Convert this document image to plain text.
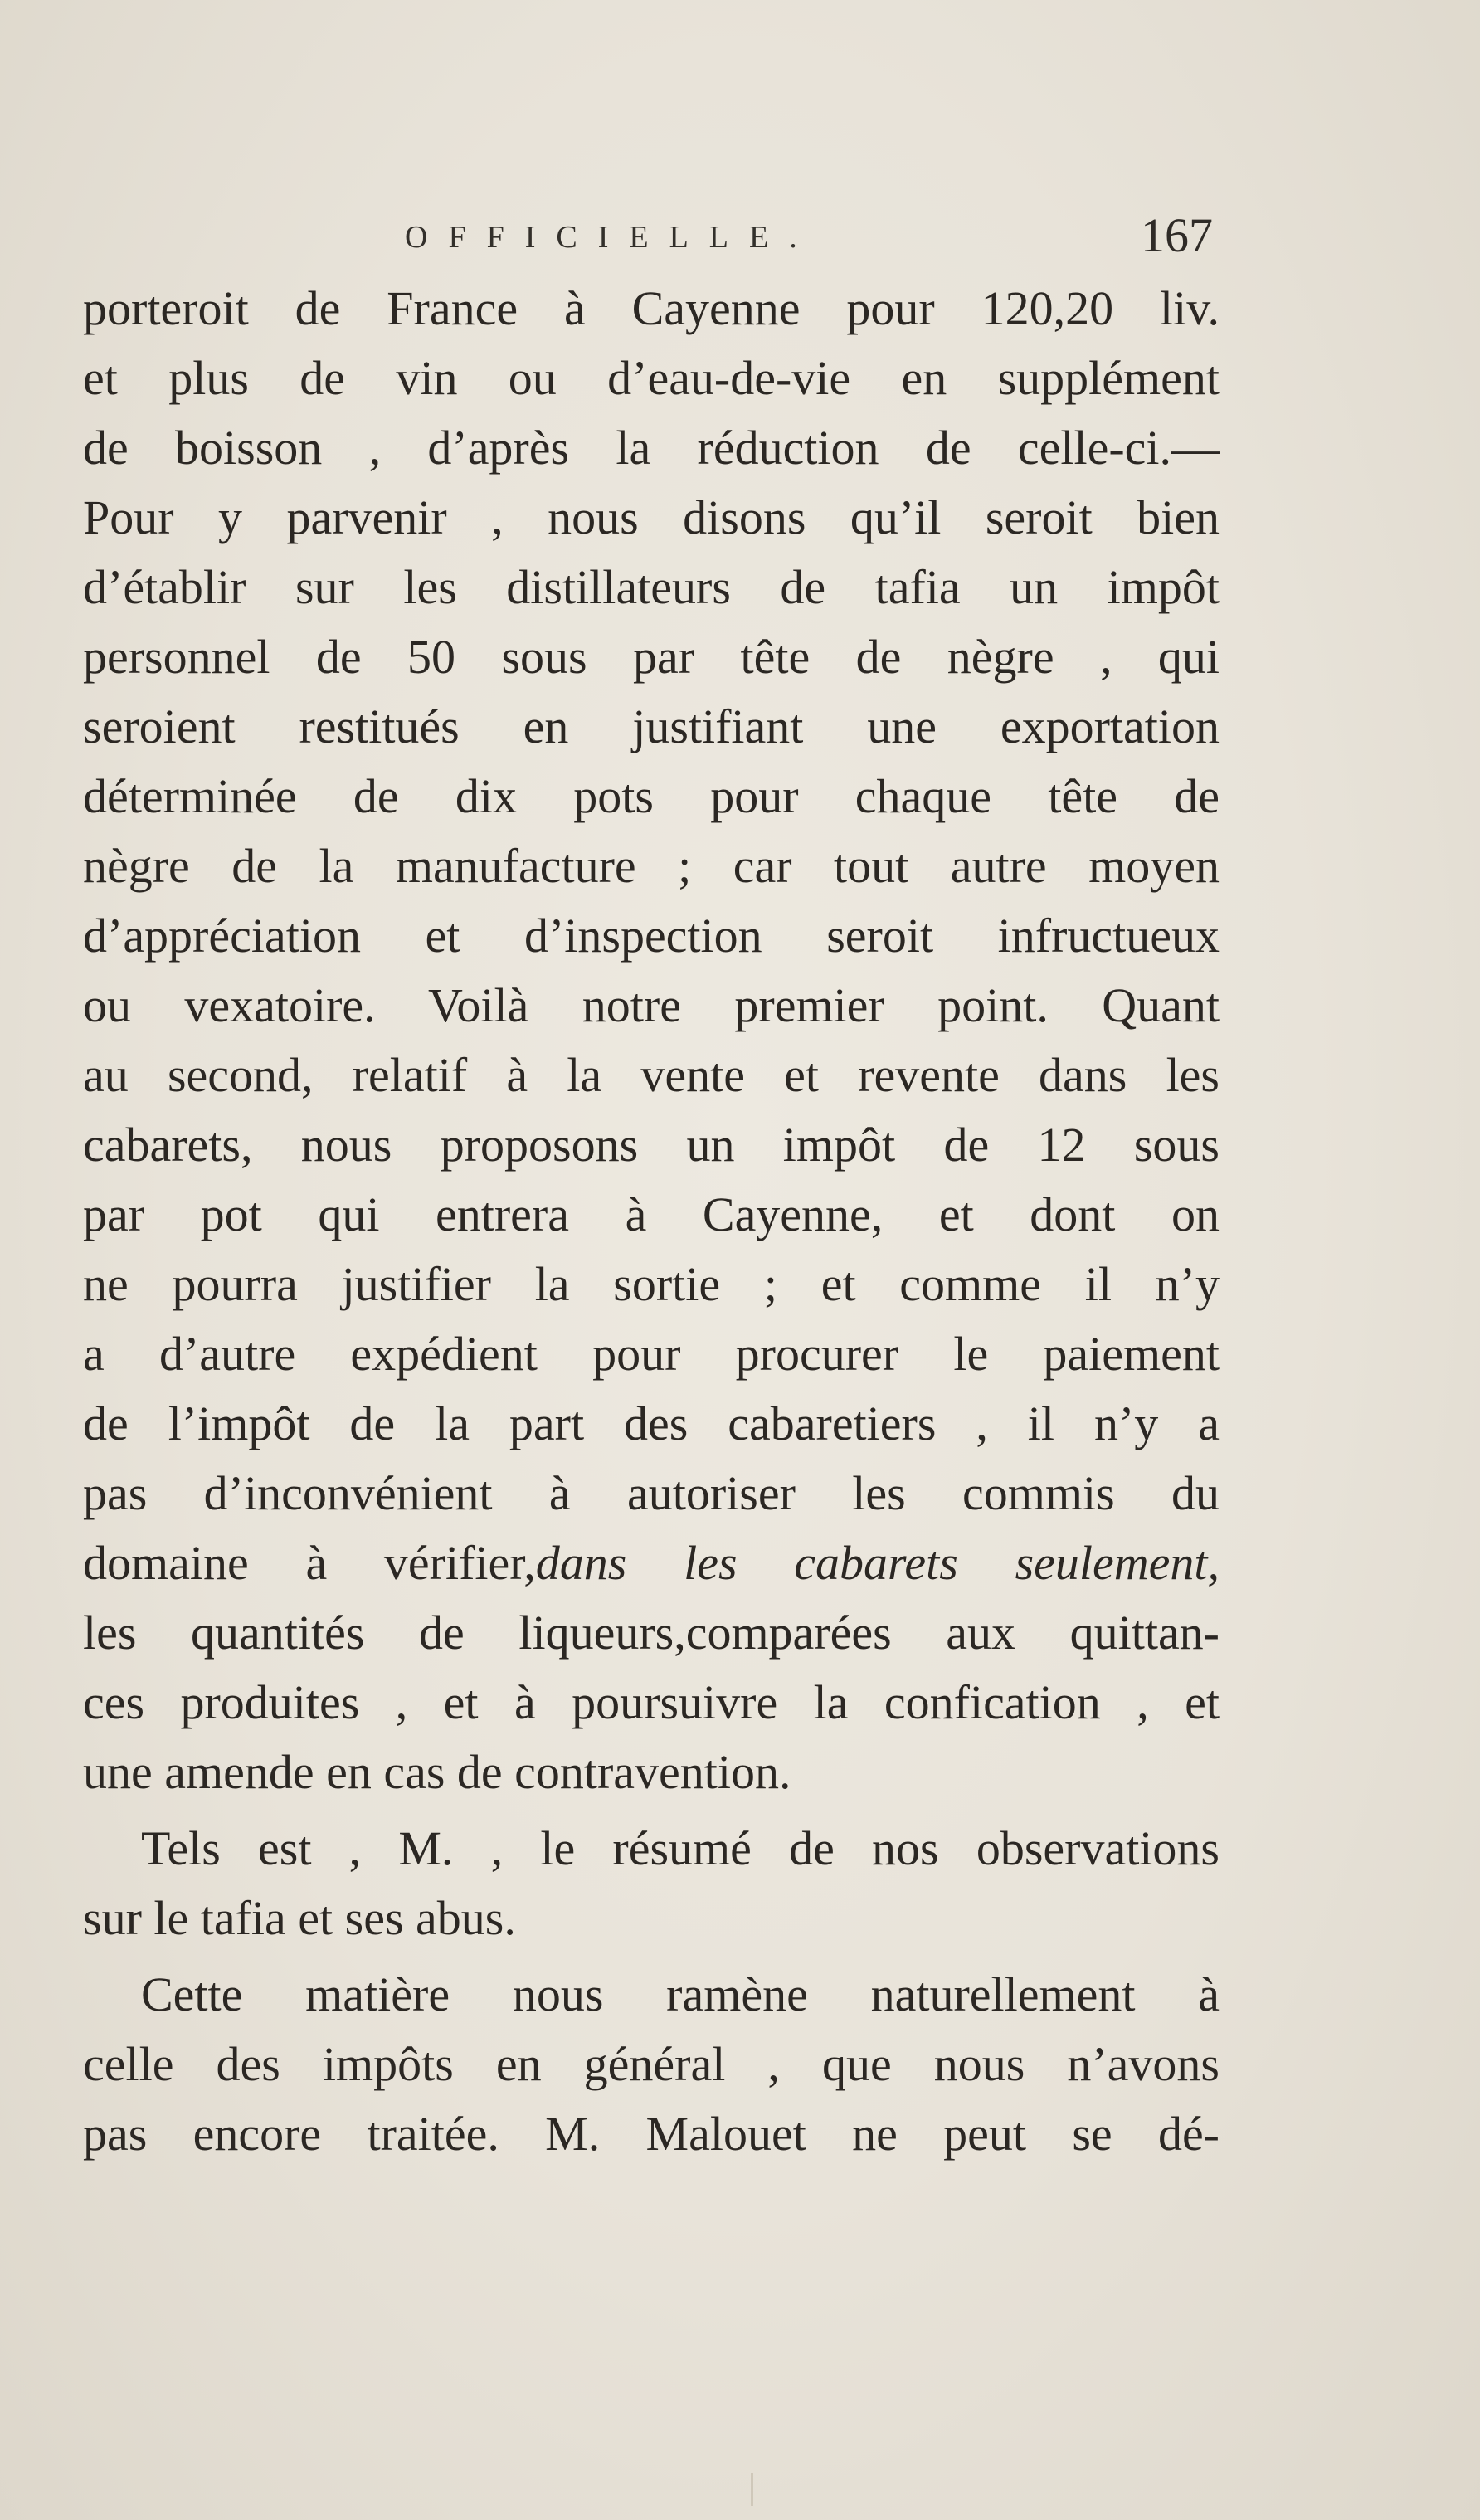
OFFICIELLE.	167
porteroit de France à Cayenne pour 120,20 liv.
et plus de vin ou d’eau-de-vie en supplément
de boisson , d’après la réduction de celle-ci.—
Pour y parvenir , nous disons qu’il seroit bien
d’établir sur les distillateurs de tafia un impôt
personnel de 50 sous par tête de nègre , qui
seroient restitués en justifiant une exportation
déterminée de dix pots pour chaque tête de
nègre de la manufacture ; car tout autre moyen
d’appréciation et d’inspection seroit infructueux
ou vexatoire. Voilà notre premier point. Quant
au second, relatif à la vente et revente dans les
cabarets, nous proposons un impôt de 12 sous
par pot qui entrera à Cayenne, et dont on
ne pourra justifier la sortie ; et comme il n’y
a d’autre expédient pour procurer le paiement
de l’impôt de la part des cabaretiers , il n’y a
pas d’inconvénient à autoriser les commis du
domaine à vérifier,dans les cabarets seulement,
les quantités de liqueurs,comparées aux quittan-
ces produites , et à poursuivre la confication , et
une amende en cas de contravention.
Tels est , M. , le résumé de nos observations
sur le tafia et ses abus.
Cette matière nous ramène naturellement à
celle des impôts en général , que nous n’avons
pas encore traitée. M. Malouet ne peut se dé-
